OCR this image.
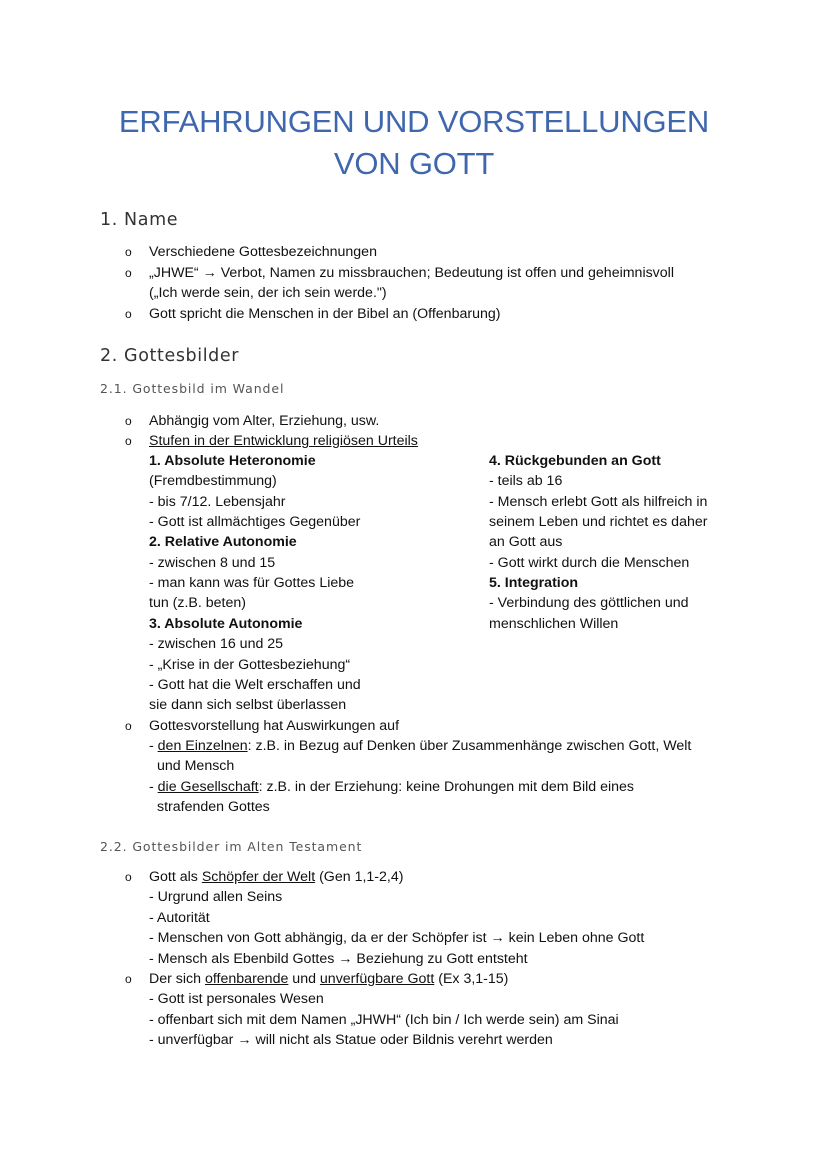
ERFAHRUNGEN UND VORSTELLUNGEN
VON GOTT
1. Name
o Verschiedene Gottesbezeichnungen
o „JHWE“ → Verbot, Namen zu missbrauchen; Bedeutung ist offen und geheimnisvoll
(„Ich werde sein, der ich sein werde.")
o Gott spricht die Menschen in der Bibel an (Offenbarung)
2. Gottesbilder
2.1. Gottesbild im Wandel
o Abhängig vom Alter, Erziehung, usw.
o Stufen in der Entwicklung religiösen Urteils
1. Absolute Heteronomie
(Fremdbestimmung)
- bis 7/12. Lebensjahr
- Gott ist allmächtiges Gegenüber
2. Relative Autonomie
- zwischen 8 und 15
- man kann was für Gottes Liebe
tun (z.B. beten)
3. Absolute Autonomie
- zwischen 16 und 25
- „Krise in der Gottesbeziehung“
- Gott hat die Welt erschaffen und
sie dann sich selbst überlassen
4. Rückgebunden an Gott
- teils ab 16
- Mensch erlebt Gott als hilfreich in
seinem Leben und richtet es daher
an Gott aus
- Gott wirkt durch die Menschen
5. Integration
- Verbindung des göttlichen und
menschlichen Willen
o Gottesvorstellung hat Auswirkungen auf
- den Einzelnen: z.B. in Bezug auf Denken über Zusammenhänge zwischen Gott, Welt
und Mensch
- die Gesellschaft: z.B. in der Erziehung: keine Drohungen mit dem Bild eines
strafenden Gottes
2.2. Gottesbilder im Alten Testament
o Gott als Schöpfer der Welt (Gen 1,1-2,4)
- Urgrund allen Seins
- Autorität
- Menschen von Gott abhängig, da er der Schöpfer ist → kein Leben ohne Gott
- Mensch als Ebenbild Gottes → Beziehung zu Gott entsteht
o Der sich offenbarende und unverfügbare Gott (Ex 3,1-15)
- Gott ist personales Wesen
- offenbart sich mit dem Namen „JHWH“ (Ich bin / Ich werde sein) am Sinai
- unverfügbar → will nicht als Statue oder Bildnis verehrt werden
